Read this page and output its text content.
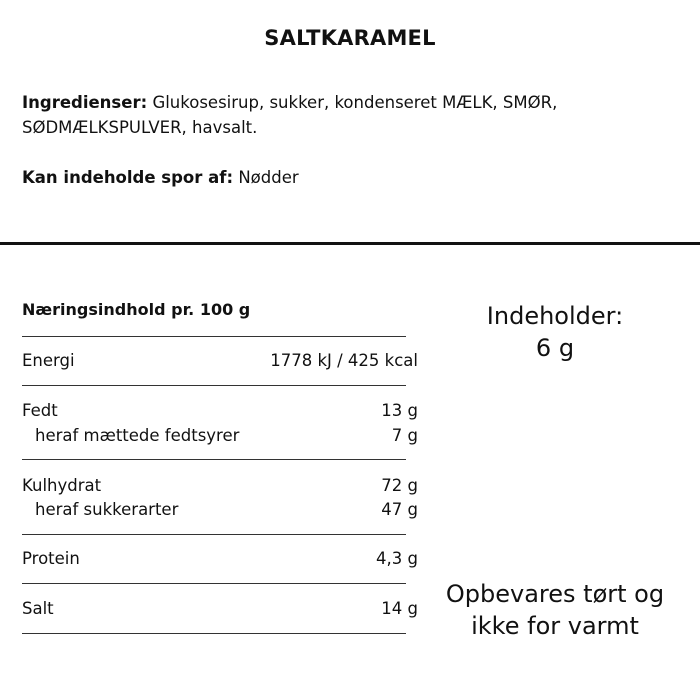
SALTKARAMEL
Ingredienser: Glukosesirup, sukker, kondenseret MÆLK, SMØR, SØDMÆLKSPULVER, havsalt.
Kan indeholde spor af: Nødder
Næringsindhold pr. 100 g
Energi	1778 kJ / 425 kcal
Fedt	13 g
heraf mættede fedtsyrer	7 g
Kulhydrat	72 g
heraf sukkerarter	47 g
Protein	4,3 g
Salt	14 g
Indeholder:
6 g
Opbevares tørt og
ikke for varmt
